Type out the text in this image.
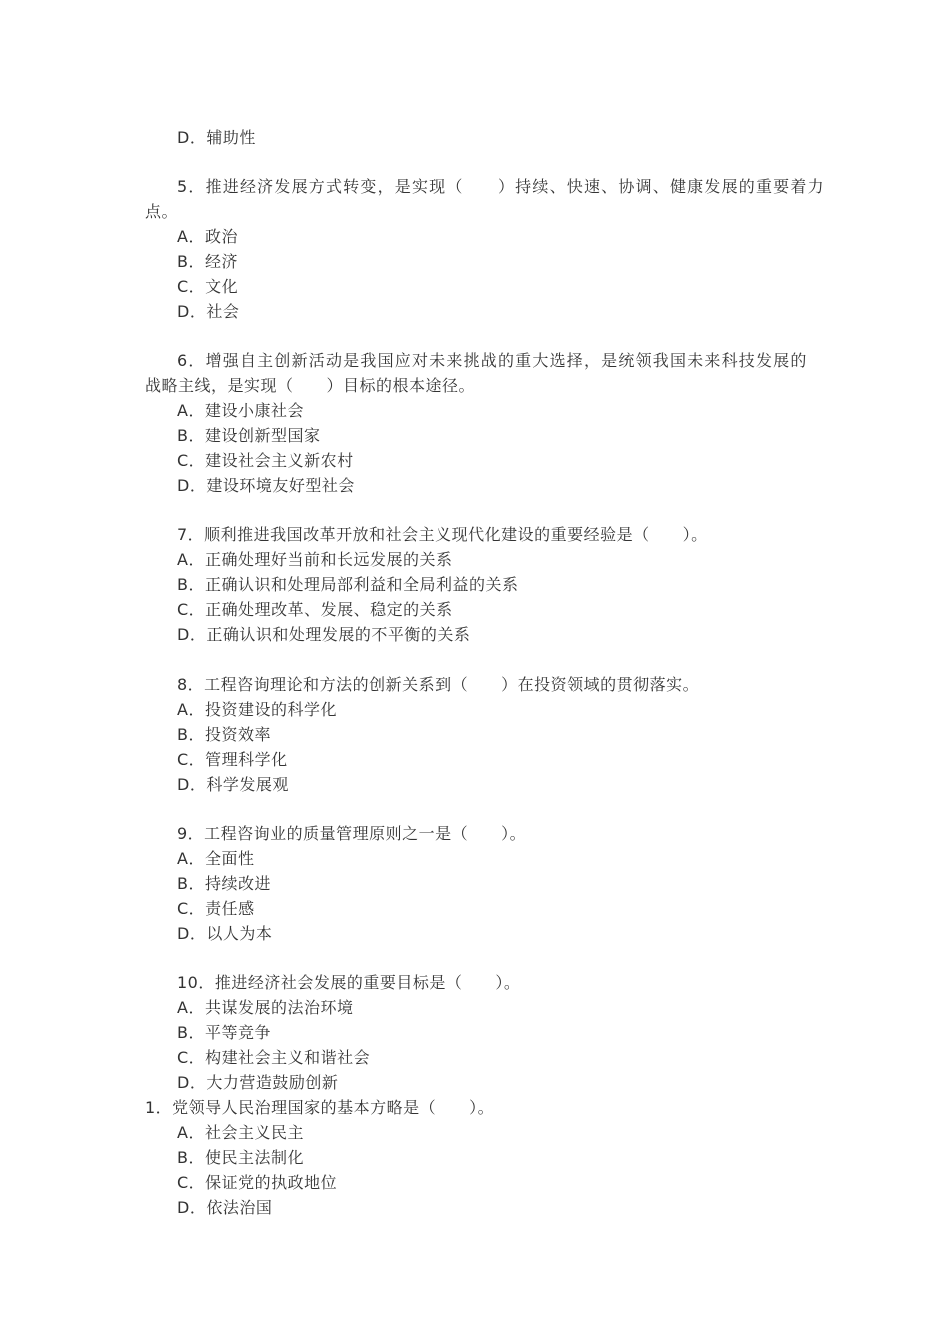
D．辅助性
5．推进经济发展方式转变，是实现（　　）持续、快速、协调、健康发展的重要着力
点。
A．政治
B．经济
C．文化
D．社会
6．增强自主创新活动是我国应对未来挑战的重大选择，是统领我国未来科技发展的
战略主线，是实现（　　）目标的根本途径。
A．建设小康社会
B．建设创新型国家
C．建设社会主义新农村
D．建设环境友好型社会
7．顺利推进我国改革开放和社会主义现代化建设的重要经验是（　　）。
A．正确处理好当前和长远发展的关系
B．正确认识和处理局部利益和全局利益的关系
C．正确处理改革、发展、稳定的关系
D．正确认识和处理发展的不平衡的关系
8．工程咨询理论和方法的创新关系到（　　）在投资领域的贯彻落实。
A．投资建设的科学化
B．投资效率
C．管理科学化
D．科学发展观
9．工程咨询业的质量管理原则之一是（　　）。
A．全面性
B．持续改进
C．责任感
D．以人为本
10．推进经济社会发展的重要目标是（　　）。
A．共谋发展的法治环境
B．平等竞争
C．构建社会主义和谐社会
D．大力营造鼓励创新
1．党领导人民治理国家的基本方略是（　　）。
A．社会主义民主
B．使民主法制化
C．保证党的执政地位
D．依法治国
